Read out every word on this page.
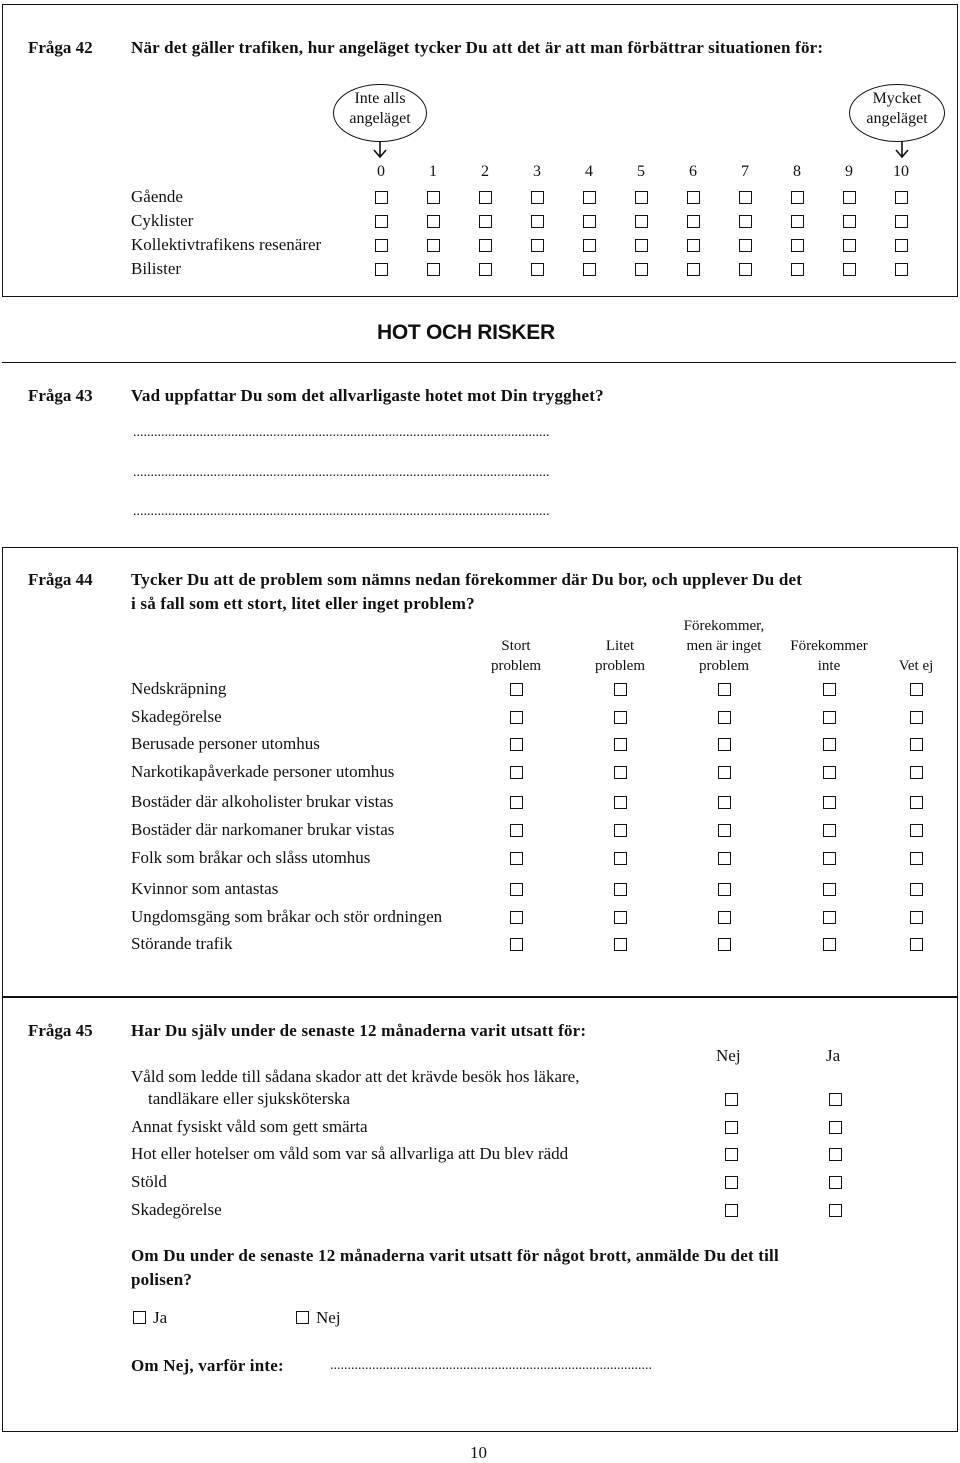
Fråga 42 När det gäller trafiken, hur angeläget tycker Du att det är att man förbättrar situationen för:
Inte alls
angeläget
Mycket
angeläget
0	1	2	3	4	5	6	7	8	9	10
Gående
Cyklister
Kollektivtrafikens resenärer
Bilister
HOT OCH RISKER
Fråga 43 Vad uppfattar Du som det allvarligaste hotet mot Din trygghet?
.......................................................................................................................
.......................................................................................................................
.......................................................................................................................
Fråga 44 Tycker Du att de problem som nämns nedan förekommer där Du bor, och upplever Du det
i så fall som ett stort, litet eller inget problem?
Stort
problem
Litet
problem
Förekommer,
men är inget
problem
Förekommer
inte	Vet ej
Nedskräpning
Skadegörelse
Berusade personer utomhus
Narkotikapåverkade personer utomhus
Bostäder där alkoholister brukar vistas
Bostäder där narkomaner brukar vistas
Folk som bråkar och slåss utomhus
Kvinnor som antastas
Ungdomsgäng som bråkar och stör ordningen
Störande trafik
Fråga 45 Har Du själv under de senaste 12 månaderna varit utsatt för:
Nej	Ja
Våld som ledde till sådana skador att det krävde besök hos läkare,
tandläkare eller sjuksköterska
Annat fysiskt våld som gett smärta
Hot eller hotelser om våld som var så allvarliga att Du blev rädd
Stöld
Skadegörelse
Om Du under de senaste 12 månaderna varit utsatt för något brott, anmälde Du det till
polisen?
Ja	Nej
Om Nej, varför inte:	............................................................................................
10
